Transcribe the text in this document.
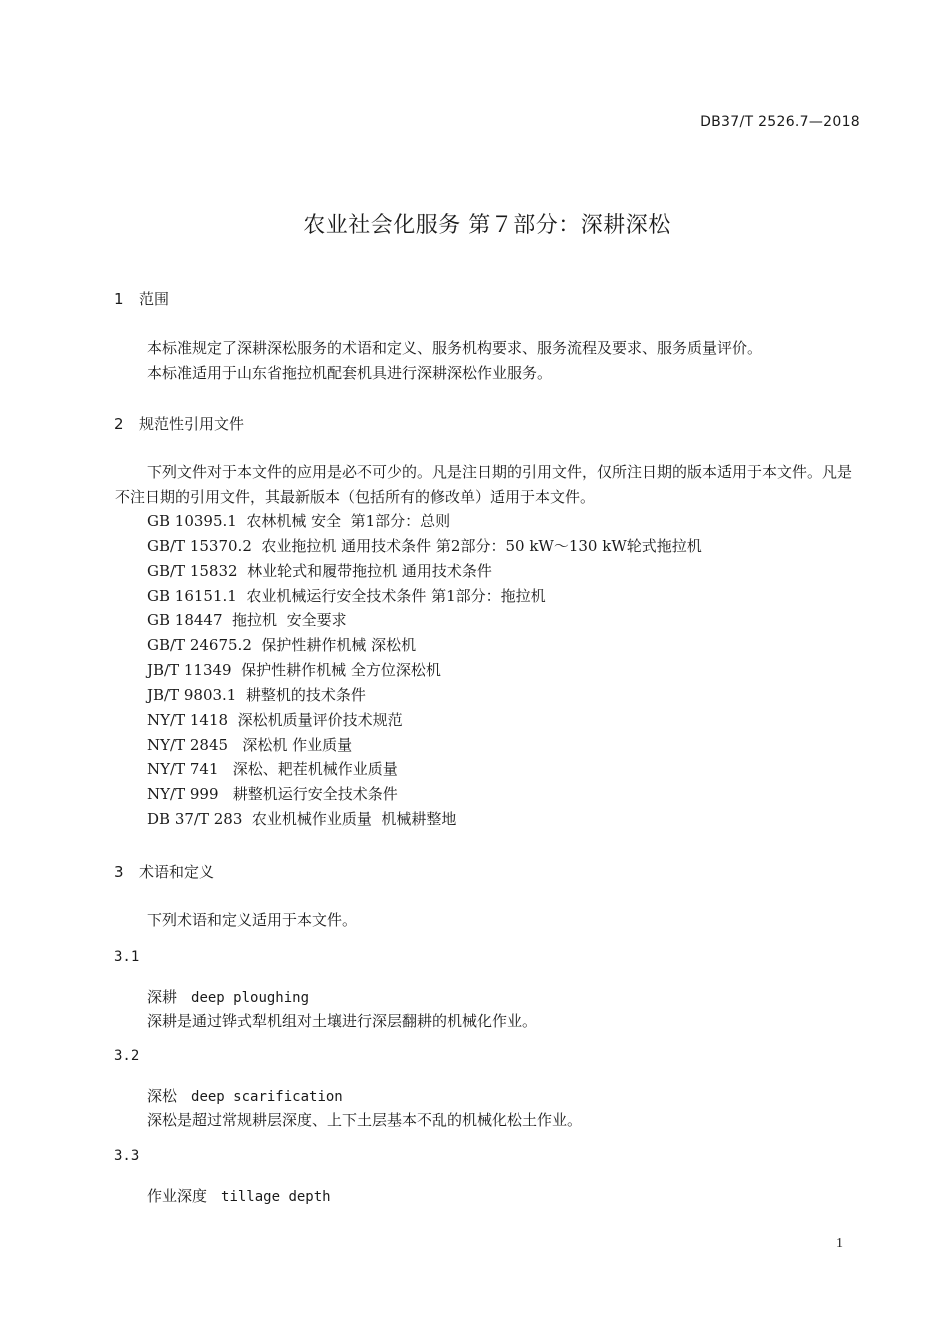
DB37/T 2526.7—2018
农业社会化服务 第７部分：深耕深松
1 范围
本标准规定了深耕深松服务的术语和定义、服务机构要求、服务流程及要求、服务质量评价。
本标准适用于山东省拖拉机配套机具进行深耕深松作业服务。
2 规范性引用文件
下列文件对于本文件的应用是必不可少的。凡是注日期的引用文件，仅所注日期的版本适用于本文件。凡是不注日期的引用文件，其最新版本（包括所有的修改单）适用于本文件。
GB 10395.1  农林机械 安全  第1部分：总则
GB/T 15370.2  农业拖拉机 通用技术条件 第2部分：50 kW～130 kW轮式拖拉机
GB/T 15832  林业轮式和履带拖拉机 通用技术条件
GB 16151.1  农业机械运行安全技术条件 第1部分：拖拉机
GB 18447  拖拉机  安全要求
GB/T 24675.2  保护性耕作机械 深松机
JB/T 11349  保护性耕作机械 全方位深松机
JB/T 9803.1  耕整机的技术条件
NY/T 1418  深松机质量评价技术规范
NY/T 2845   深松机 作业质量
NY/T 741   深松、耙茬机械作业质量
NY/T 999   耕整机运行安全技术条件
DB 37/T 283  农业机械作业质量  机械耕整地
3 术语和定义
下列术语和定义适用于本文件。
3.1
深耕 deep ploughing
深耕是通过铧式犁机组对土壤进行深层翻耕的机械化作业。
3.2
深松 deep scarification
深松是超过常规耕层深度、上下土层基本不乱的机械化松土作业。
3.3
作业深度 tillage depth
1
